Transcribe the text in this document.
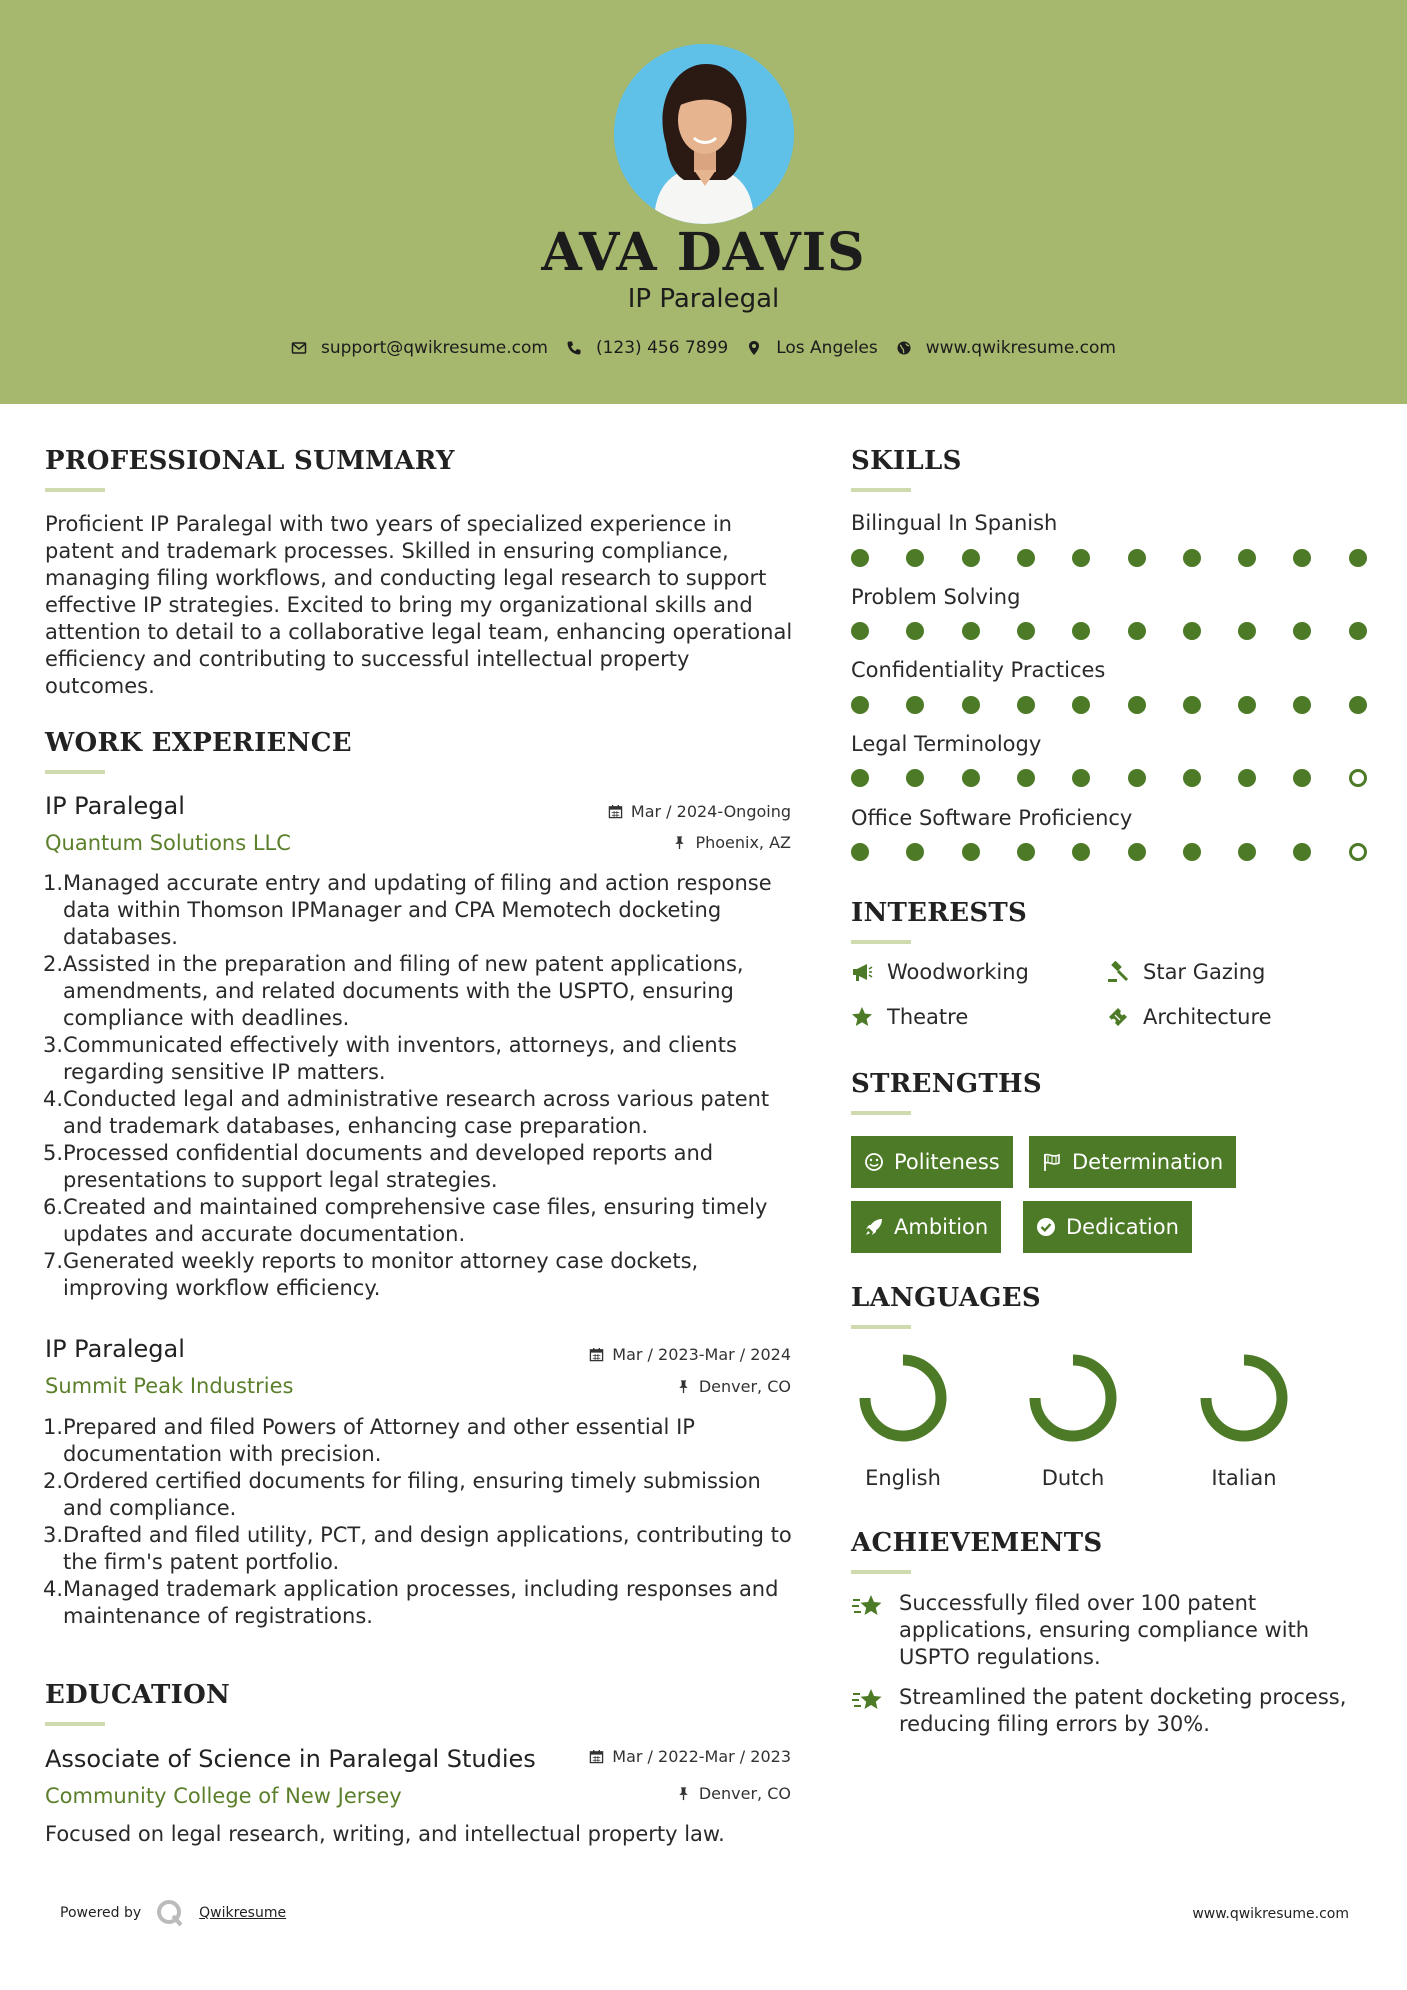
AVA DAVIS
IP Paralegal
support@qwikresume.com	(123) 456 7899	Los Angeles	www.qwikresume.com
PROFESSIONAL SUMMARY
Proficient IP Paralegal with two years of specialized experience in
patent and trademark processes. Skilled in ensuring compliance,
managing filing workflows, and conducting legal research to support
effective IP strategies. Excited to bring my organizational skills and
attention to detail to a collaborative legal team, enhancing operational
efficiency and contributing to successful intellectual property
outcomes.
WORK EXPERIENCE
IP Paralegal	Mar / 2024-Ongoing
Quantum Solutions LLC	Phoenix, AZ
1. Managed accurate entry and updating of filing and action response
data within Thomson IPManager and CPA Memotech docketing
databases.
2. Assisted in the preparation and filing of new patent applications,
amendments, and related documents with the USPTO, ensuring
compliance with deadlines.
3. Communicated effectively with inventors, attorneys, and clients
regarding sensitive IP matters.
4. Conducted legal and administrative research across various patent
and trademark databases, enhancing case preparation.
5. Processed confidential documents and developed reports and
presentations to support legal strategies.
6. Created and maintained comprehensive case files, ensuring timely
updates and accurate documentation.
7. Generated weekly reports to monitor attorney case dockets,
improving workflow efficiency.
IP Paralegal	Mar / 2023-Mar / 2024
Summit Peak Industries	Denver, CO
1. Prepared and filed Powers of Attorney and other essential IP
documentation with precision.
2. Ordered certified documents for filing, ensuring timely submission
and compliance.
3. Drafted and filed utility, PCT, and design applications, contributing to
the firm's patent portfolio.
4. Managed trademark application processes, including responses and
maintenance of registrations.
EDUCATION
Associate of Science in Paralegal Studies	Mar / 2022-Mar / 2023
Community College of New Jersey	Denver, CO
Focused on legal research, writing, and intellectual property law.
SKILLS
Bilingual In Spanish
Problem Solving
Confidentiality Practices
Legal Terminology
Office Software Proficiency
INTERESTS
Woodworking	Star Gazing
Theatre	Architecture
STRENGTHS
Politeness	Determination
Ambition	Dedication
LANGUAGES
English	Dutch	Italian
ACHIEVEMENTS
Successfully filed over 100 patent
applications, ensuring compliance with
USPTO regulations.
Streamlined the patent docketing process,
reducing filing errors by 30%.
Powered by	Qwikresume	www.qwikresume.com
